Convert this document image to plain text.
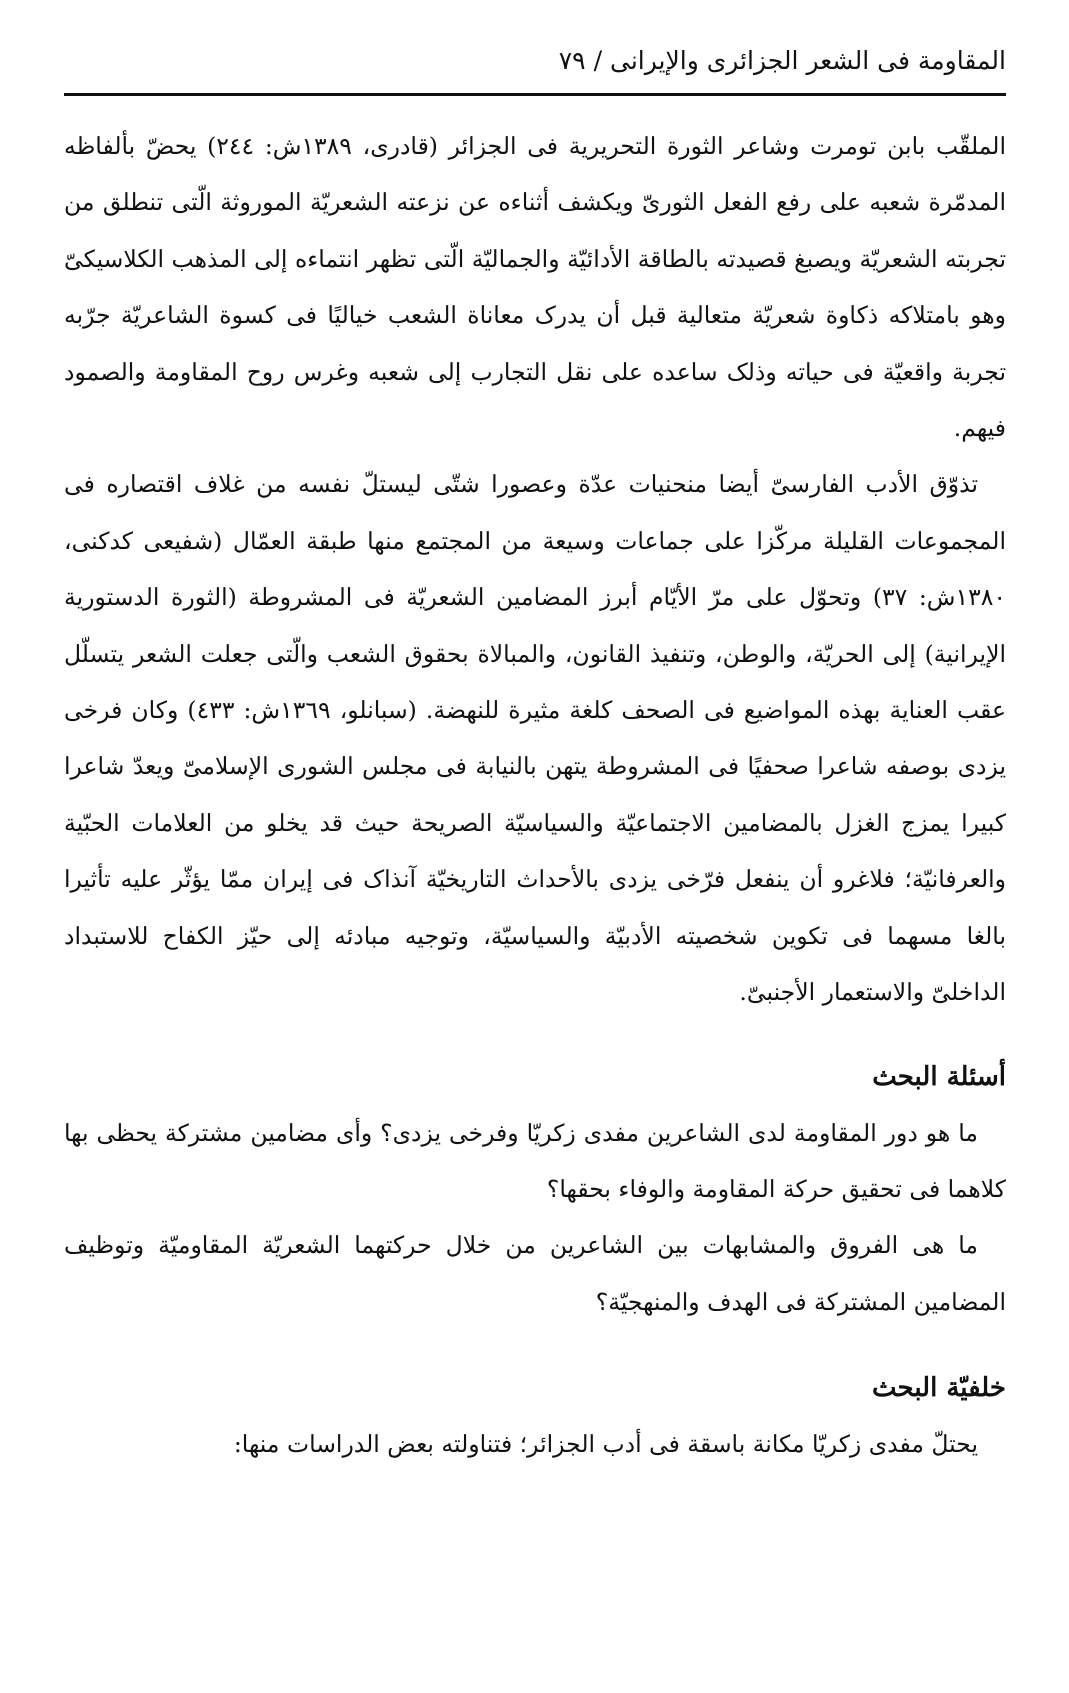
المقاومة فی الشعر الجزائری والإیرانی
/
٧٩

الملقّب بابن تومرت وشاعر الثورة التحریریة فی الجزائر (قادری، ١٣٨٩ش: ٢٤٤) یحضّ بألفاظه المدمّرة شعبه علی رفع الفعل الثوریّ ویکشف أثناءه عن نزعته الشعریّة الموروثة الّتی تنطلق من تجربته الشعریّة ویصبغ قصیدته بالطاقة الأدائیّة والجمالیّة الّتی تظهر انتماءه إلی المذهب الکلاسیکیّ وهو بامتلاکه ذکاوة شعریّة متعالیة قبل أن یدرک معاناة الشعب خیالیًا فی کسوة الشاعریّة جرّبه تجربة واقعیّة فی حیاته وذلک ساعده علی نقل التجارب إلی شعبه وغرس روح المقاومة والصمود فیهم.

تذوّق الأدب الفارسیّ أیضا منحنیات عدّة وعصورا شتّی لیستلّ نفسه من غلاف اقتصاره فی المجموعات القلیلة مرکّزا علی جماعات وسیعة من المجتمع منها طبقة العمّال (شفیعی کدکنی، ١٣٨٠ش: ٣٧) وتحوّل علی مرّ الأیّام أبرز المضامین الشعریّة فی المشروطة (الثورة الدستوریة الإیرانیة) إلی الحریّة، والوطن، وتنفیذ القانون، والمبالاة بحقوق الشعب والّتی جعلت الشعر یتسلّل عقب العنایة بهذه المواضیع فی الصحف کلغة مثیرة للنهضة. (سبانلو، ١٣٦٩ش: ٤٣٣) وکان فرخی یزدی بوصفه شاعرا صحفیًا فی المشروطة یتهن بالنیابة فی مجلس الشوری الإسلامیّ ویعدّ شاعرا کبیرا یمزج الغزل بالمضامین الاجتماعیّة والسیاسیّة الصریحة حیث قد یخلو من العلامات الحبّیة والعرفانیّة؛ فلاغرو أن ینفعل فرّخی یزدی بالأحداث التاریخیّة آنذاک فی إیران ممّا یؤثّر علیه تأثیرا بالغا مسهما فی تکوین شخصیته الأدبیّة والسیاسیّة، وتوجیه مبادئه إلی حیّز الکفاح للاستبداد الداخلیّ والاستعمار الأجنبیّ.

أسئلة البحث

ما هو دور المقاومة لدی الشاعرین مفدی زکریّا وفرخی یزدی؟ وأی مضامین مشترکة یحظی بها کلاهما فی تحقیق حرکة المقاومة والوفاء بحقها؟

ما هی الفروق والمشابهات بین الشاعرین من خلال حرکتهما الشعریّة المقاومیّة وتوظیف المضامین المشترکة فی الهدف والمنهجیّة؟

خلفیّة البحث

یحتلّ مفدی زکریّا مکانة باسقة فی أدب الجزائر؛ فتناولته بعض الدراسات منها:
